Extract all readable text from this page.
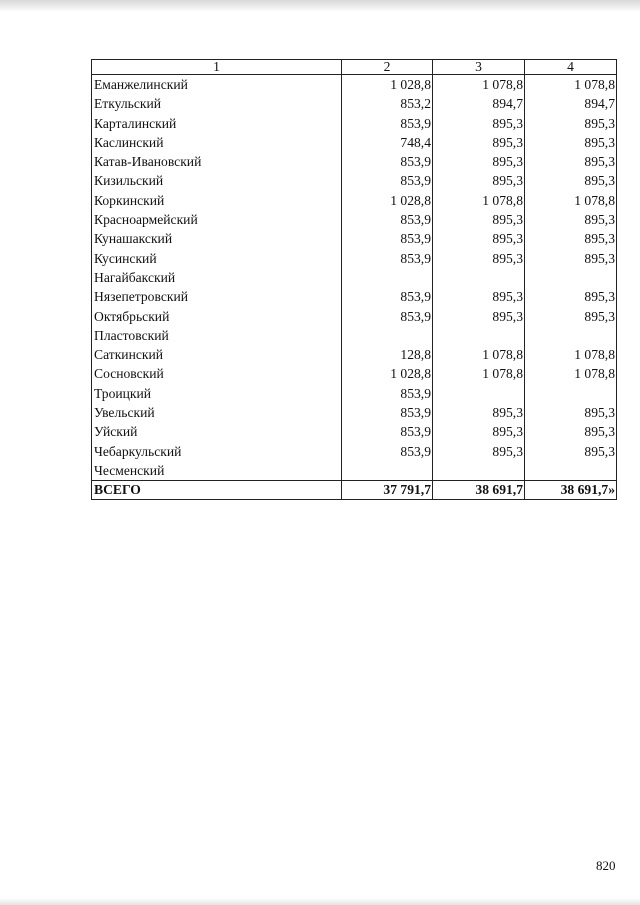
1	2	3	4
Еманжелинский	1 028,8	1 078,8	1 078,8
Еткульский	853,2	894,7	894,7
Карталинский	853,9	895,3	895,3
Каслинский	748,4	895,3	895,3
Катав-Ивановский	853,9	895,3	895,3
Кизильский	853,9	895,3	895,3
Коркинский	1 028,8	1 078,8	1 078,8
Красноармейский	853,9	895,3	895,3
Кунашакский	853,9	895,3	895,3
Кусинский	853,9	895,3	895,3
Нагайбакский			
Нязепетровский	853,9	895,3	895,3
Октябрьский	853,9	895,3	895,3
Пластовский			
Саткинский	128,8	1 078,8	1 078,8
Сосновский	1 028,8	1 078,8	1 078,8
Троицкий	853,9		
Увельский	853,9	895,3	895,3
Уйский	853,9	895,3	895,3
Чебаркульский	853,9	895,3	895,3
Чесменский			
ВСЕГО	37 791,7	38 691,7	38 691,7»
820
